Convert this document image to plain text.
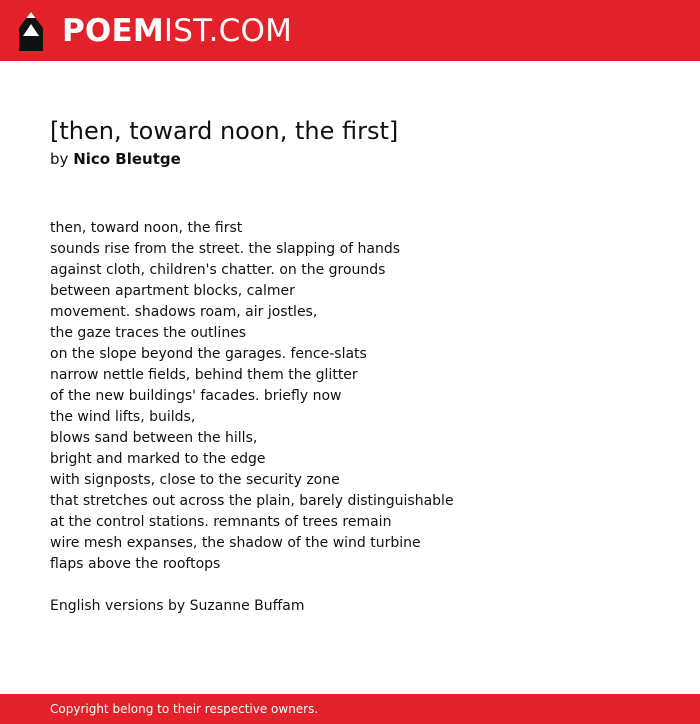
POEMIST.COM
[then, toward noon, the first]
by Nico Bleutge
then, toward noon, the first
sounds rise from the street. the slapping of hands
against cloth, children's chatter. on the grounds
between apartment blocks, calmer
movement. shadows roam, air jostles,
the gaze traces the outlines
on the slope beyond the garages. fence-slats
narrow nettle fields, behind them the glitter
of the new buildings' facades. briefly now
the wind lifts, builds,
blows sand between the hills,
bright and marked to the edge
with signposts, close to the security zone
that stretches out across the plain, barely distinguishable
at the control stations. remnants of trees remain
wire mesh expanses, the shadow of the wind turbine
flaps above the rooftops
English versions by Suzanne Buffam
Copyright belong to their respective owners.
